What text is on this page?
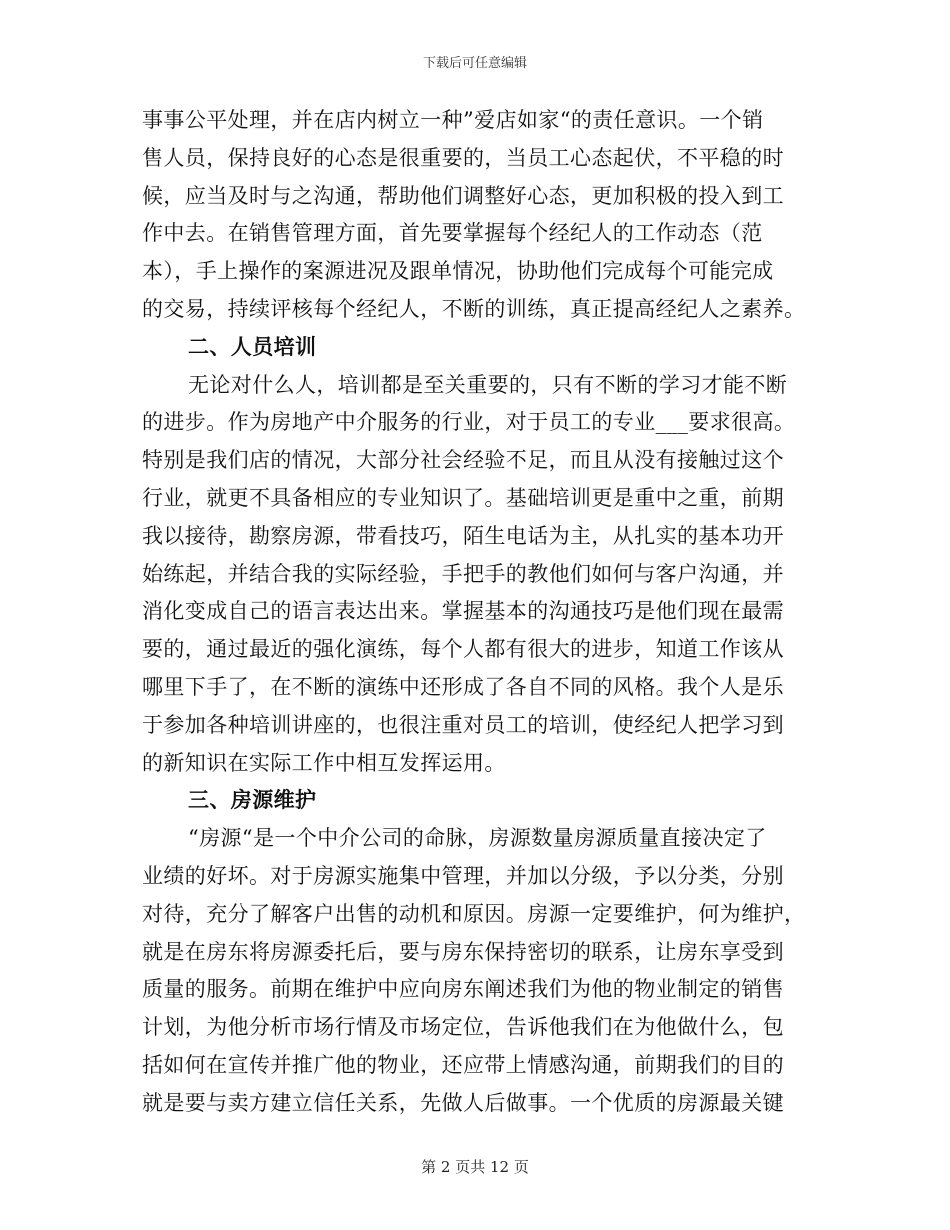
下载后可任意编辑
事事公平处理，并在店内树立一种”爱店如家“的责任意识。一个销
售人员，保持良好的心态是很重要的，当员工心态起伏，不平稳的时
候，应当及时与之沟通，帮助他们调整好心态，更加积极的投入到工
作中去。在销售管理方面，首先要掌握每个经纪人的工作动态（范
本），手上操作的案源进况及跟单情况，协助他们完成每个可能完成
的交易，持续评核每个经纪人，不断的训练，真正提高经纪人之素养。
二、人员培训
无论对什么人，培训都是至关重要的，只有不断的学习才能不断
的进步。作为房地产中介服务的行业，对于员工的专业___要求很高。
特别是我们店的情况，大部分社会经验不足，而且从没有接触过这个
行业，就更不具备相应的专业知识了。基础培训更是重中之重，前期
我以接待，勘察房源，带看技巧，陌生电话为主，从扎实的基本功开
始练起，并结合我的实际经验，手把手的教他们如何与客户沟通，并
消化变成自己的语言表达出来。掌握基本的沟通技巧是他们现在最需
要的，通过最近的强化演练，每个人都有很大的进步，知道工作该从
哪里下手了，在不断的演练中还形成了各自不同的风格。我个人是乐
于参加各种培训讲座的，也很注重对员工的培训，使经纪人把学习到
的新知识在实际工作中相互发挥运用。
三、房源维护
“房源“是一个中介公司的命脉，房源数量房源质量直接决定了
业绩的好坏。对于房源实施集中管理，并加以分级，予以分类，分别
对待，充分了解客户出售的动机和原因。房源一定要维护，何为维护，
就是在房东将房源委托后，要与房东保持密切的联系，让房东享受到
质量的服务。前期在维护中应向房东阐述我们为他的物业制定的销售
计划，为他分析市场行情及市场定位，告诉他我们在为他做什么，包
括如何在宣传并推广他的物业，还应带上情感沟通，前期我们的目的
就是要与卖方建立信任关系，先做人后做事。一个优质的房源最关键
第 2 页共 12 页
